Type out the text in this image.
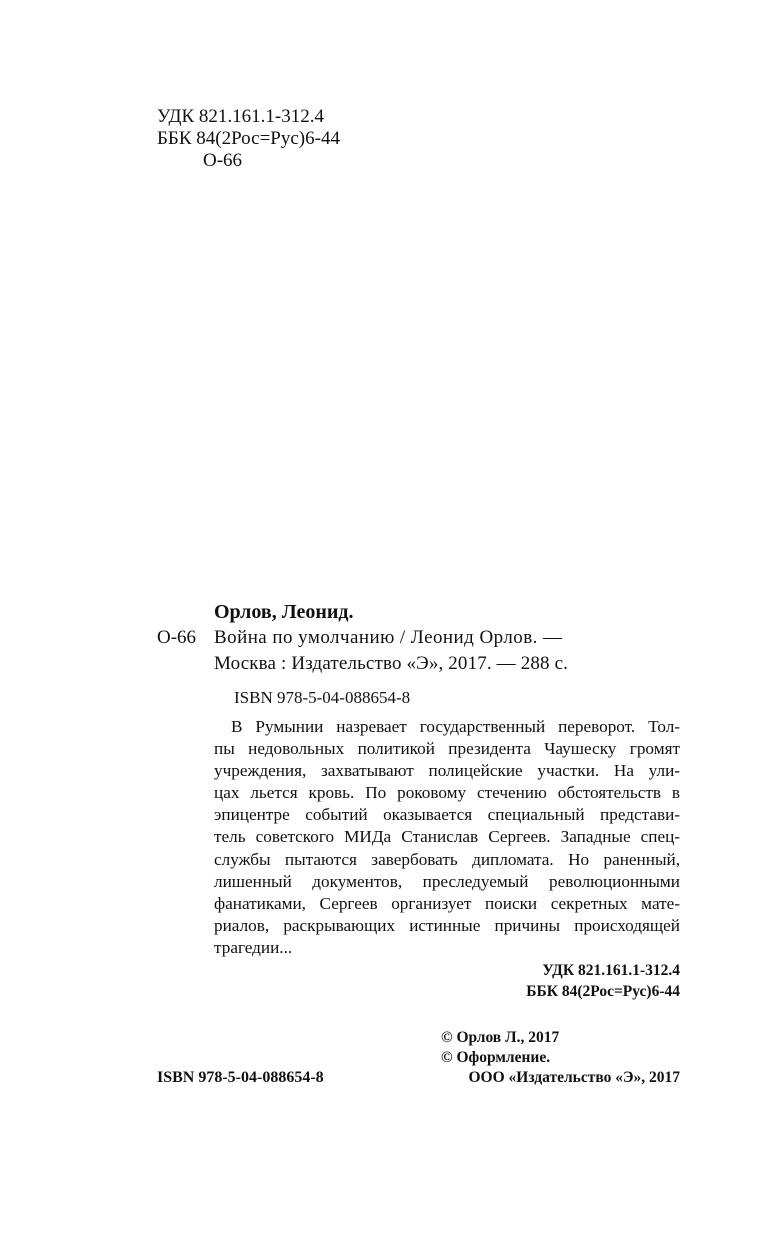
УДК 821.161.1-312.4
ББК 84(2Рос=Рус)6-44
О-66
Орлов, Леонид.
О-66 Война по умолчанию / Леонид Орлов. —
Москва : Издательство «Э», 2017. — 288 с.
ISBN 978-5-04-088654-8
В Румынии назревает государственный переворот. Тол-
пы недовольных политикой президента Чаушеску громят
учреждения, захватывают полицейские участки. На ули-
цах льется кровь. По роковому стечению обстоятельств в
эпицентре событий оказывается специальный представи-
тель советского МИДа Станислав Сергеев. Западные спец-
службы пытаются завербовать дипломата. Но раненный,
лишенный документов, преследуемый революционными
фанатиками, Сергеев организует поиски секретных мате-
риалов, раскрывающих истинные причины происходящей
трагедии...
УДК 821.161.1-312.4
ББК 84(2Рос=Рус)6-44
© Орлов Л., 2017
© Оформление.
ISBN 978-5-04-088654-8	ООО «Издательство «Э», 2017
